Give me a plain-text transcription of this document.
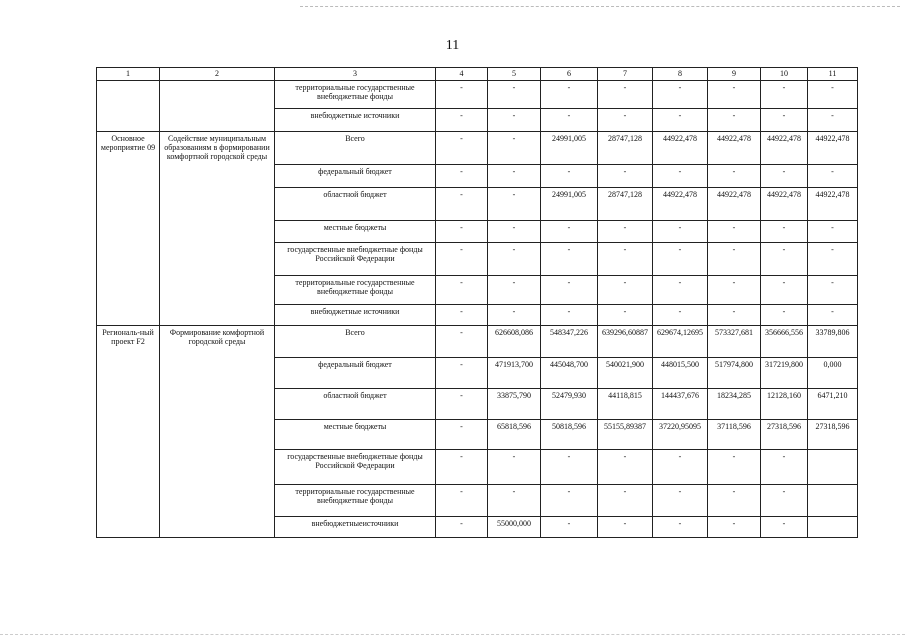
11
1	2	3	4	5	6	7	8	9	10	11
		территориальные государственные внебюджетные фонды	-	-	-	-	-	-	-	-
		внебюджетные источники	-	-	-	-	-	-	-	-
Основное мероприятие 09	Содействие муниципальным образованиям в формировании комфортной городской среды	Всего	-	-	24991,005	28747,128	44922,478	44922,478	44922,478	44922,478
		федеральный бюджет	-	-	-	-	-	-	-	-
		областной бюджет	-	-	24991,005	28747,128	44922,478	44922,478	44922,478	44922,478
		местные бюджеты	-	-	-	-	-	-	-	-
		государственные внебюджетные фонды Российской Федерации	-	-	-	-	-	-	-	-
		территориальные государственные внебюджетные фонды	-	-	-	-	-	-	-	-
		внебюджетные источники	-	-	-	-	-	-	-	-
Региональ-ный проект F2	Формирование комфортной городской среды	Всего	-	626608,086	548347,226	639296,60887	629674,12695	573327,681	356666,556	33789,806
		федеральный бюджет	-	471913,700	445048,700	540021,900	448015,500	517974,800	317219,800	0,000
		областной бюджет	-	33875,790	52479,930	44118,815	144437,676	18234,285	12128,160	6471,210
		местные бюджеты	-	65818,596	50818,596	55155,89387	37220,95095	37118,596	27318,596	27318,596
		государственные внебюджетные фонды Российской Федерации	-	-	-	-	-	-	-	
		территориальные государственные внебюджетные фонды	-	-	-	-	-	-	-	
		внебюджетныеисточники	-	55000,000	-	-	-	-	-	
